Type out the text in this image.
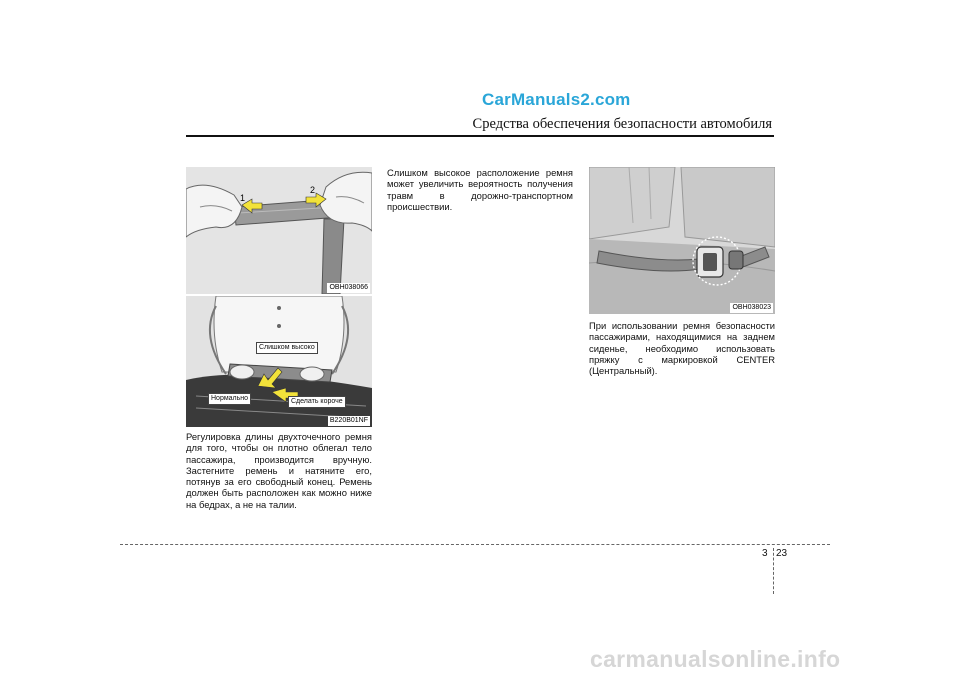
CarManuals2.com
Средства обеспечения безопасности автомобиля
1
2
OBH038066
Слишком высоко
Нормально	Сделать короче
B220B01NF
OBH038023
Регулировка длины двухточечного ремня для того, чтобы он плотно облегал тело пассажира, производится вручную. Застегните ремень и натяните его, потянув за его свободный конец. Ремень должен быть расположен как можно ниже на бедрах, а не на талии.
Слишком высокое расположение ремня может увеличить вероятность получения травм в дорожно-транспортном происшествии.
При использовании ремня безопасности пассажирами, находящимися на заднем сиденье, необходимо использовать пряжку с маркировкой CENTER (Центральный).
3 23
carmanualsonline.info
